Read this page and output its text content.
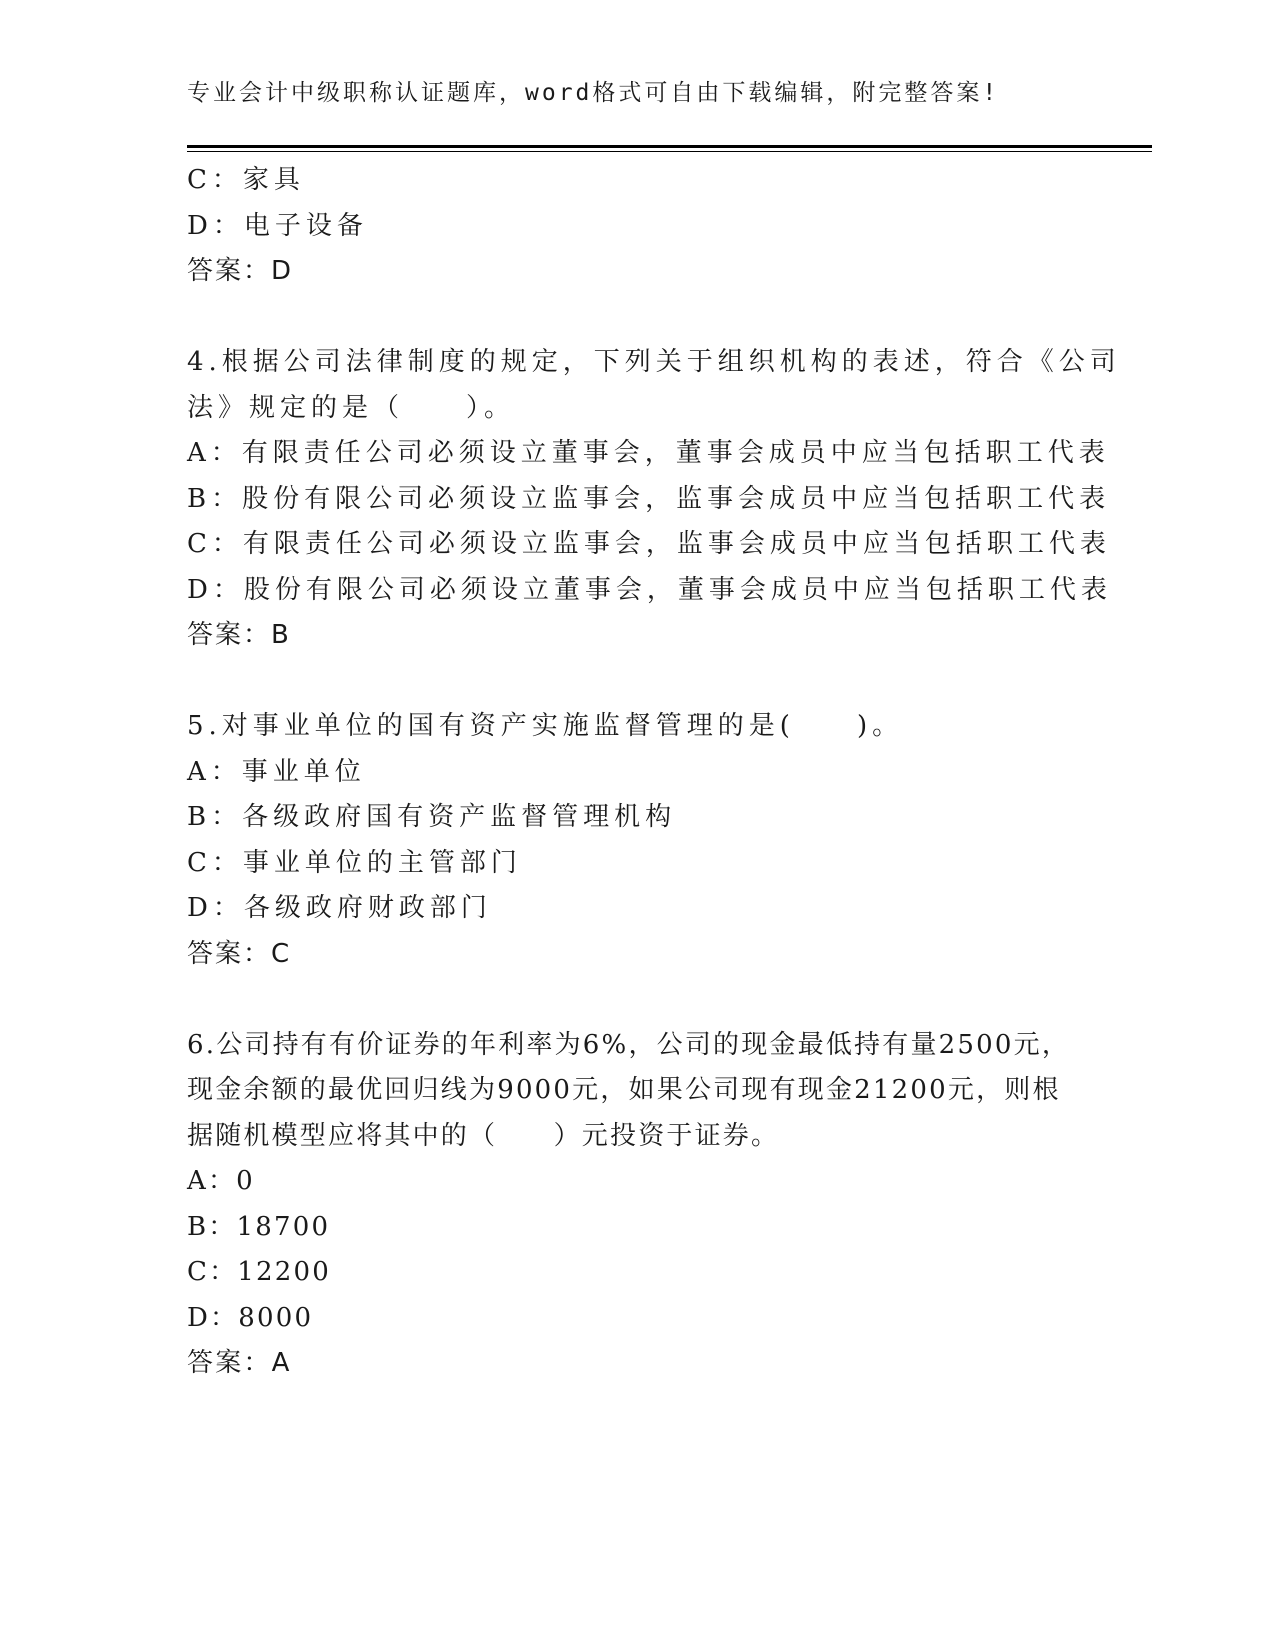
专业会计中级职称认证题库，word格式可自由下载编辑，附完整答案!
C：家具
D：电子设备
答案：D
4.根据公司法律制度的规定，下列关于组织机构的表述，符合《公司
法》规定的是（　　）。
A：有限责任公司必须设立董事会，董事会成员中应当包括职工代表
B：股份有限公司必须设立监事会，监事会成员中应当包括职工代表
C：有限责任公司必须设立监事会，监事会成员中应当包括职工代表
D：股份有限公司必须设立董事会，董事会成员中应当包括职工代表
答案：B
5.对事业单位的国有资产实施监督管理的是(　　)。
A：事业单位
B：各级政府国有资产监督管理机构
C：事业单位的主管部门
D：各级政府财政部门
答案：C
6.公司持有有价证券的年利率为6%，公司的现金最低持有量2500元，
现金余额的最优回归线为9000元，如果公司现有现金21200元，则根
据随机模型应将其中的（　　）元投资于证券。
A：0
B：18700
C：12200
D：8000
答案：A
